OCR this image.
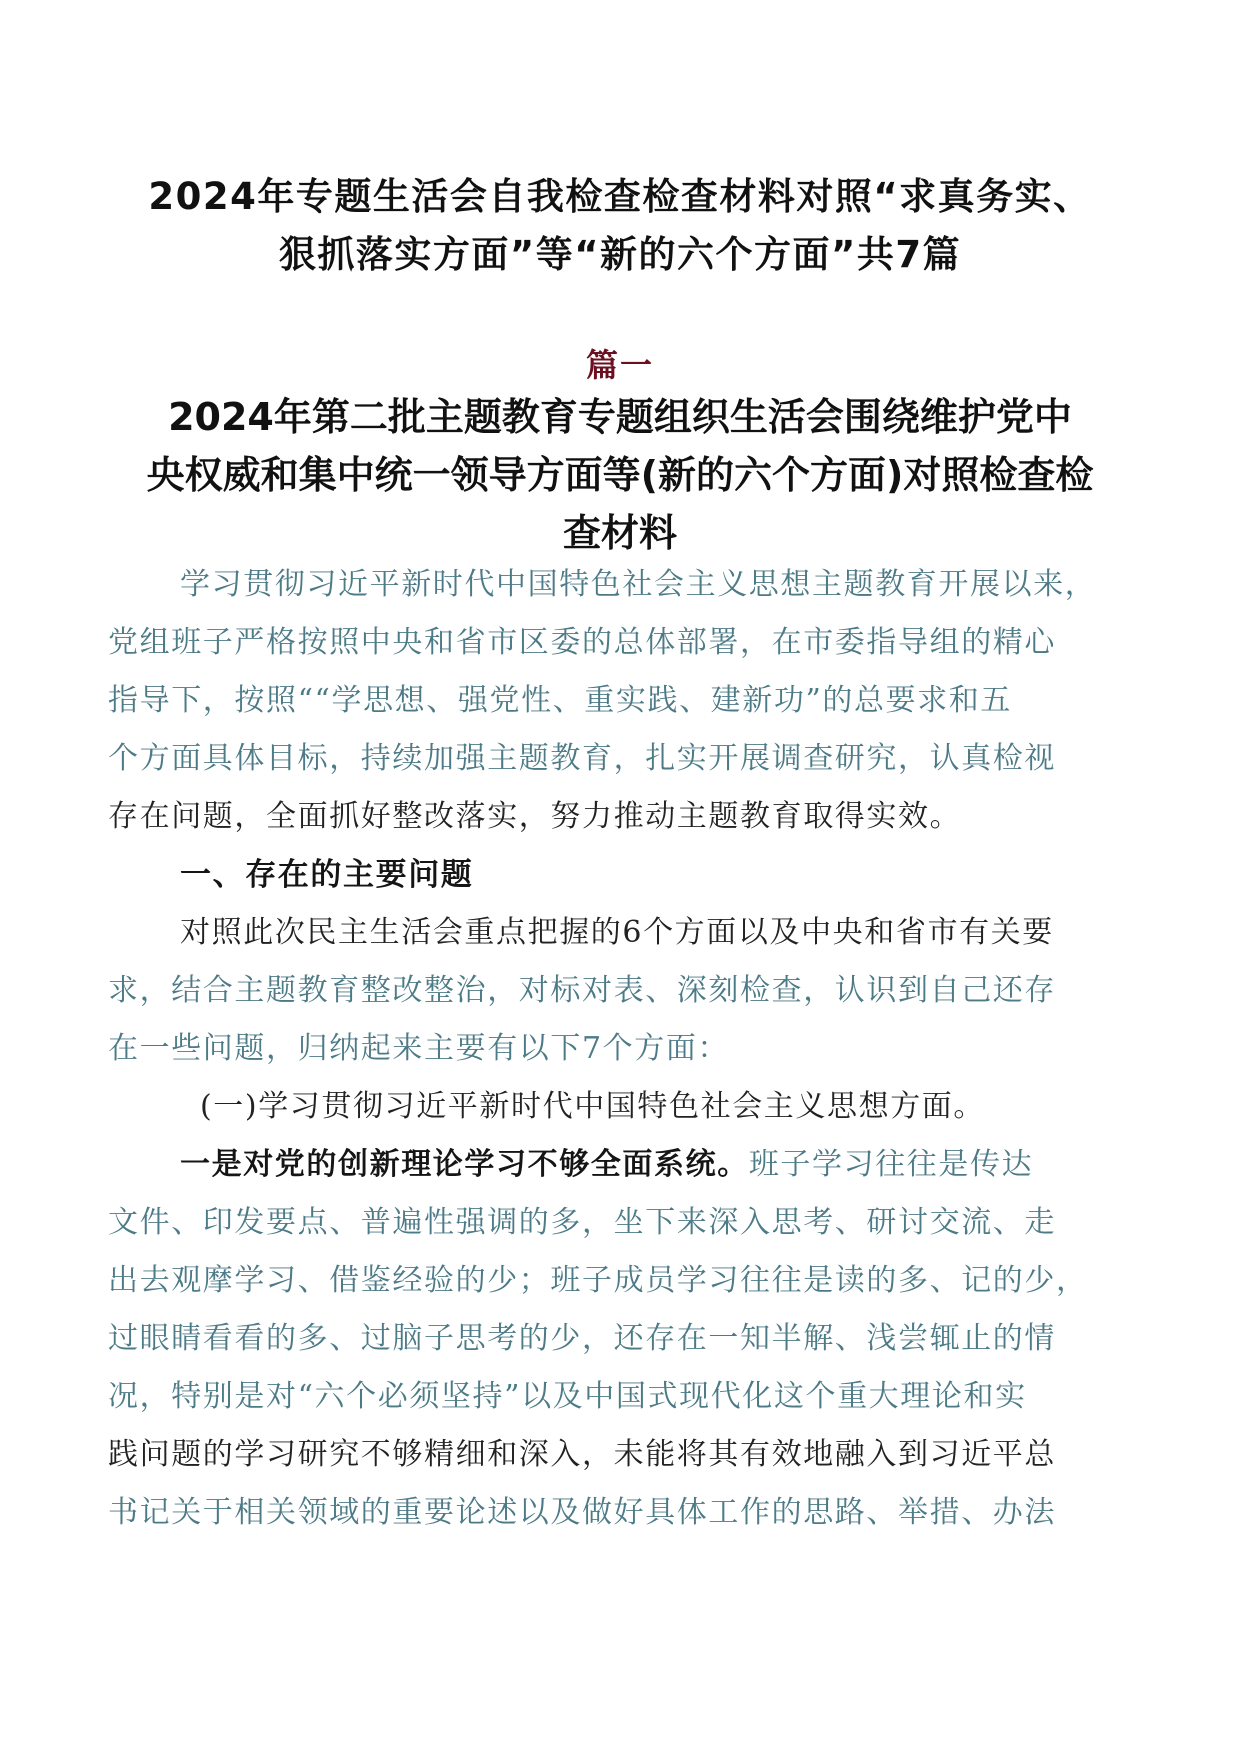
2024年专题生活会自我检查检查材料对照“求真务实、
狠抓落实方面”等“新的六个方面”共7篇
篇一
2024年第二批主题教育专题组织生活会围绕维护党中
央权威和集中统一领导方面等(新的六个方面)对照检查检
查材料
学习贯彻习近平新时代中国特色社会主义思想主题教育开展以来，
党组班子严格按照中央和省市区委的总体部署，在市委指导组的精心
指导下，按照““学思想、强党性、重实践、建新功”的总要求和五
个方面具体目标，持续加强主题教育，扎实开展调查研究，认真检视
存在问题，全面抓好整改落实，努力推动主题教育取得实效。
一、存在的主要问题
对照此次民主生活会重点把握的6个方面以及中央和省市有关要
求，结合主题教育整改整治，对标对表、深刻检查，认识到自己还存
在一些问题，归纳起来主要有以下7个方面：
(一)学习贯彻习近平新时代中国特色社会主义思想方面。
一是对党的创新理论学习不够全面系统。班子学习往往是传达
文件、印发要点、普遍性强调的多，坐下来深入思考、研讨交流、走
出去观摩学习、借鉴经验的少；班子成员学习往往是读的多、记的少，
过眼睛看看的多、过脑子思考的少，还存在一知半解、浅尝辄止的情
况，特别是对“六个必须坚持”以及中国式现代化这个重大理论和实
践问题的学习研究不够精细和深入，未能将其有效地融入到习近平总
书记关于相关领域的重要论述以及做好具体工作的思路、举措、办法
